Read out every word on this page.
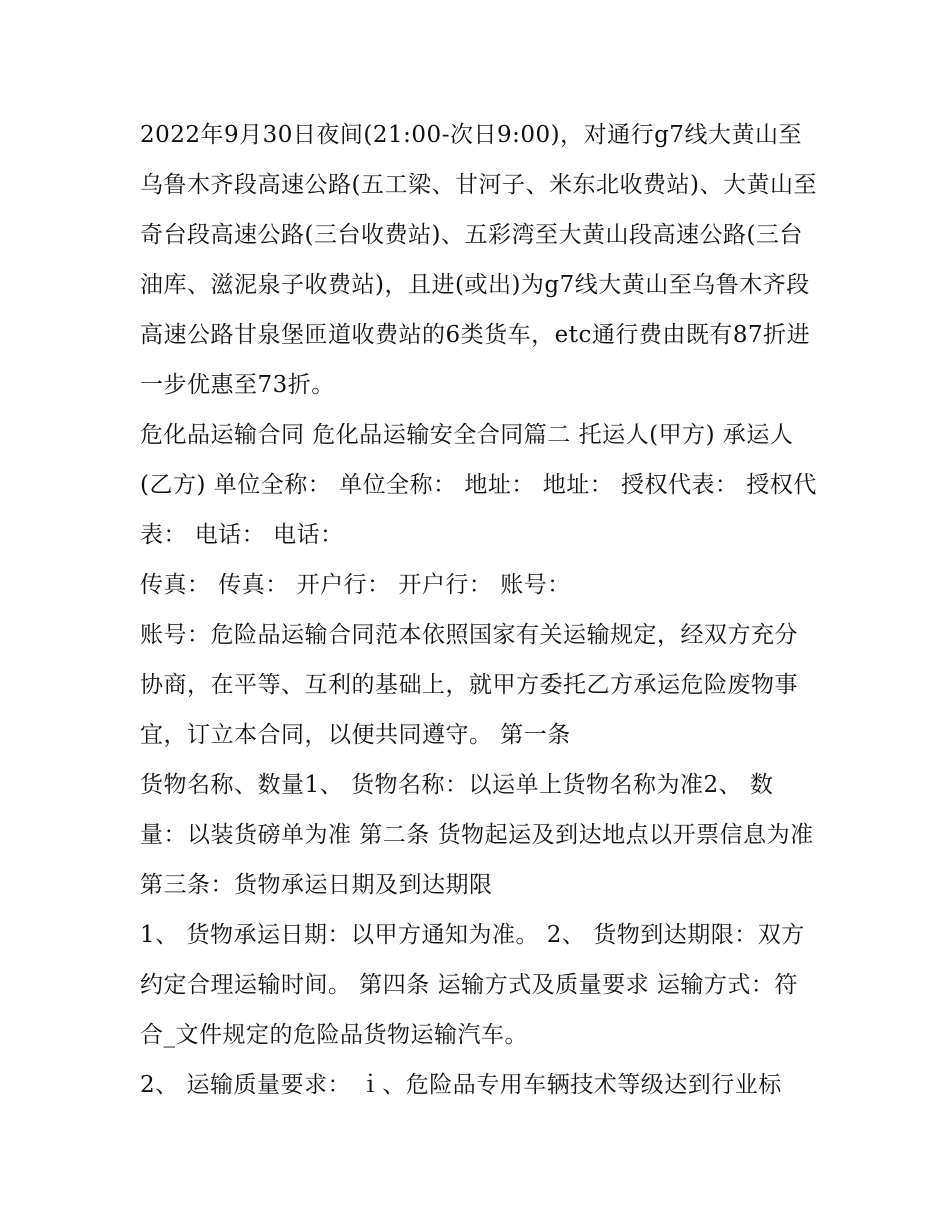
2022年9月30日夜间(21:00-次日9:00)，对通行g7线大黄山至乌鲁木齐段高速公路(五工梁、甘河子、米东北收费站)、大黄山至奇台段高速公路(三台收费站)、五彩湾至大黄山段高速公路(三台油库、滋泥泉子收费站)，且进(或出)为g7线大黄山至乌鲁木齐段高速公路甘泉堡匝道收费站的6类货车，etc通行费由既有87折进一步优惠至73折。

危化品运输合同 危化品运输安全合同篇二 托运人(甲方) 承运人(乙方) 单位全称： 单位全称： 地址： 地址： 授权代表： 授权代表： 电话： 电话：

传真： 传真： 开户行： 开户行： 账号：

账号：危险品运输合同范本依照国家有关运输规定，经双方充分协商，在平等、互利的基础上，就甲方委托乙方承运危险废物事宜，订立本合同，以便共同遵守。 第一条

货物名称、数量1、 货物名称：以运单上货物名称为准2、 数量：以装货磅单为准 第二条 货物起运及到达地点以开票信息为准 第三条：货物承运日期及到达期限

1、 货物承运日期：以甲方通知为准。 2、 货物到达期限：双方约定合理运输时间。 第四条 运输方式及质量要求 运输方式：符合_文件规定的危险品货物运输汽车。

2、 运输质量要求： ｉ、危险品专用车辆技术等级达到行业标
